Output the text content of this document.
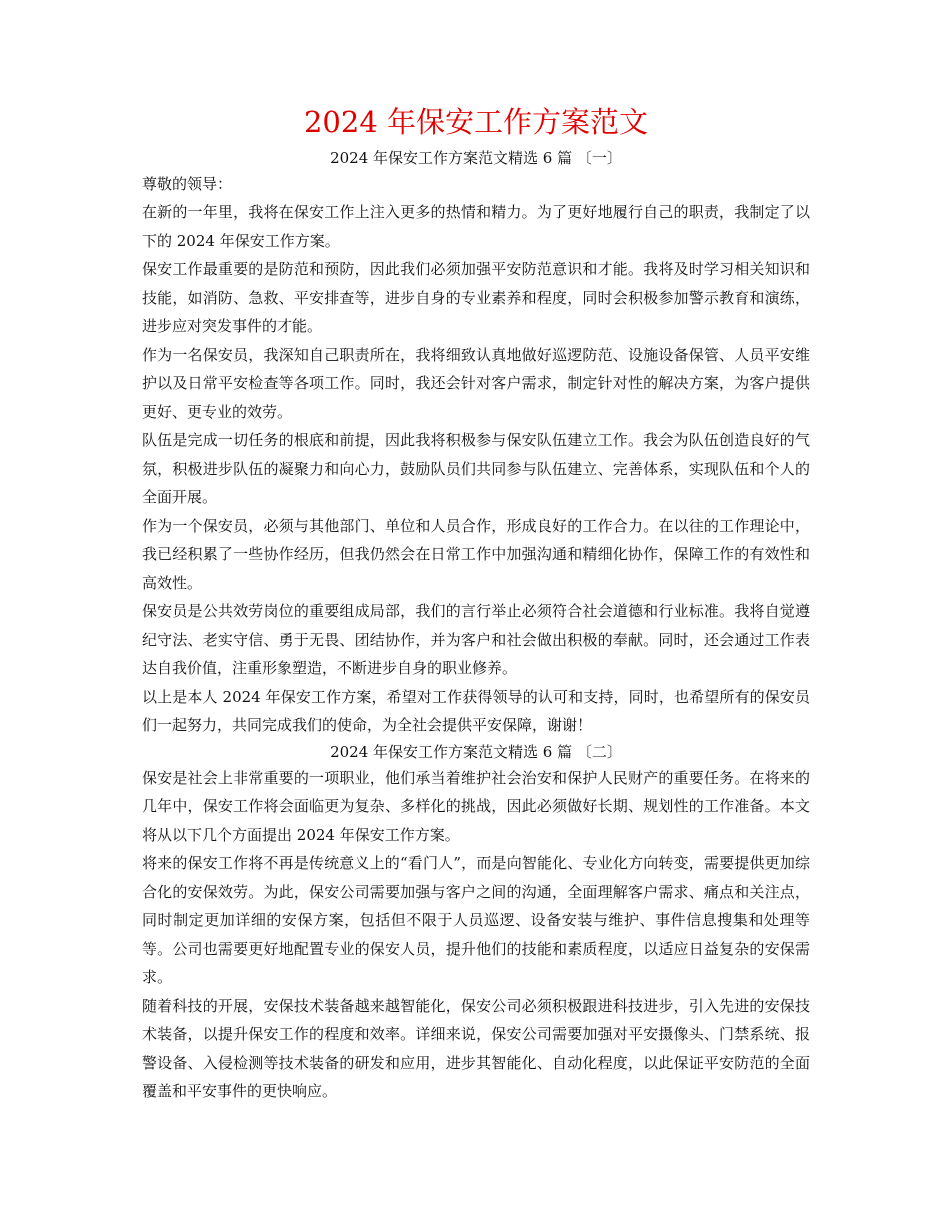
2024 年保安工作方案范文
2024 年保安工作方案范文精选 6 篇 〔一〕

尊敬的领导：

在新的一年里，我将在保安工作上注入更多的热情和精力。为了更好地履行自己的职责，我制定了以下的 2024 年保安工作方案。

保安工作最重要的是防范和预防，因此我们必须加强平安防范意识和才能。我将及时学习相关知识和技能，如消防、急救、平安排查等，进步自身的专业素养和程度，同时会积极参加警示教育和演练，进步应对突发事件的才能。

作为一名保安员，我深知自己职责所在，我将细致认真地做好巡逻防范、设施设备保管、人员平安维护以及日常平安检查等各项工作。同时，我还会针对客户需求，制定针对性的解决方案，为客户提供更好、更专业的效劳。

队伍是完成一切任务的根底和前提，因此我将积极参与保安队伍建立工作。我会为队伍创造良好的气氛，积极进步队伍的凝聚力和向心力，鼓励队员们共同参与队伍建立、完善体系，实现队伍和个人的全面开展。

作为一个保安员，必须与其他部门、单位和人员合作，形成良好的工作合力。在以往的工作理论中，我已经积累了一些协作经历，但我仍然会在日常工作中加强沟通和精细化协作，保障工作的有效性和高效性。

保安员是公共效劳岗位的重要组成局部，我们的言行举止必须符合社会道德和行业标准。我将自觉遵纪守法、老实守信、勇于无畏、团结协作，并为客户和社会做出积极的奉献。同时，还会通过工作表达自我价值，注重形象塑造，不断进步自身的职业修养。

以上是本人 2024 年保安工作方案，希望对工作获得领导的认可和支持，同时，也希望所有的保安员们一起努力，共同完成我们的使命，为全社会提供平安保障，谢谢！

2024 年保安工作方案范文精选 6 篇 〔二〕

保安是社会上非常重要的一项职业，他们承当着维护社会治安和保护人民财产的重要任务。在将来的几年中，保安工作将会面临更为复杂、多样化的挑战，因此必须做好长期、规划性的工作准备。本文将从以下几个方面提出 2024 年保安工作方案。

将来的保安工作将不再是传统意义上的“看门人”，而是向智能化、专业化方向转变，需要提供更加综合化的安保效劳。为此，保安公司需要加强与客户之间的沟通，全面理解客户需求、痛点和关注点，同时制定更加详细的安保方案，包括但不限于人员巡逻、设备安装与维护、事件信息搜集和处理等等。公司也需要更好地配置专业的保安人员，提升他们的技能和素质程度，以适应日益复杂的安保需求。

随着科技的开展，安保技术装备越来越智能化，保安公司必须积极跟进科技进步，引入先进的安保技术装备，以提升保安工作的程度和效率。详细来说，保安公司需要加强对平安摄像头、门禁系统、报警设备、入侵检测等技术装备的研发和应用，进步其智能化、自动化程度，以此保证平安防范的全面覆盖和平安事件的更快响应。
